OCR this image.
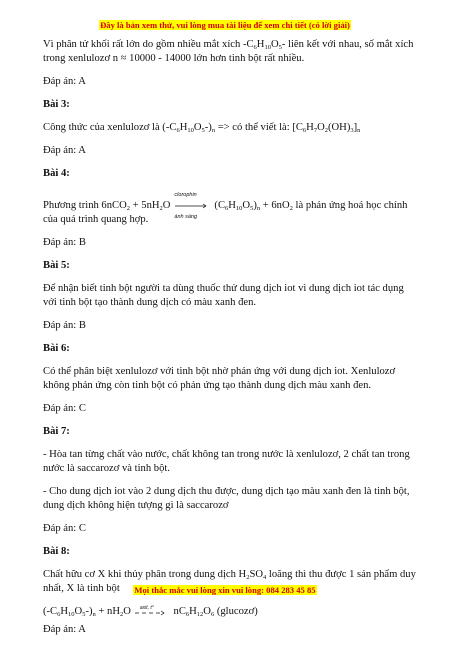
Đây là bản xem thử, vui lòng mua tài liệu để xem chi tiết (có lời giải)

Vì phân tử khối rất lớn do gồm nhiều mắt xích $-C_6H_{10}O_5-$ liên kết với nhau, số mắt xích trong xenlulozơ n ≈ 10000 - 14000 lớn hơn tinh bột rất nhiều.

Đáp án: A

Bài 3:

Công thức của xenlulozơ là $(-C_6H_{10}O_5-)_n$ => có thể viết là: $[C_6H_7O_2(OH)_3]_n$

Đáp án: A

Bài 4:

Phương trình $6nCO_2 + 5nH_2O$
clorophin
ánh sáng
$(C_6H_{10}O_5)_n + 6nO_2$ là phản ứng hoá học chính của quá trình quang hợp.

Đáp án: B

Bài 5:

Để nhận biết tinh bột người ta dùng thuốc thử dung dịch iot vì dung dịch iot tác dụng với tinh bột tạo thành dung dịch có màu xanh đen.

Đáp án: B

Bài 6:

Có thể phân biệt xenlulozơ với tinh bột nhờ phản ứng với dung dịch iot. Xenlulozơ không phản ứng còn tinh bột có phản ứng tạo thành dung dịch màu xanh đen.

Đáp án: C

Bài 7:

- Hòa tan từng chất vào nước, chất không tan trong nước là xenlulozơ, 2 chất tan trong nước là saccarozơ và tinh bột.

- Cho dung dịch iot vào 2 dung dịch thu được, dung dịch tạo màu xanh đen là tinh bột, dung dịch không hiện tượng gì là saccarozơ

Đáp án: C

Bài 8:

Chất hữu cơ X khi thủy phân trong dung dịch $H_2SO_4$ loãng thì thu được 1 sản phẩm duy nhất, X là tinh bột

$(-C_6H_{10}O_5-)_n + nH_2O$ axit, t° $nC_6H_{12}O_6$ (glucozơ)

Đáp án: A

Mọi thắc mắc vui lòng xin vui lòng: 084 283 45 85
